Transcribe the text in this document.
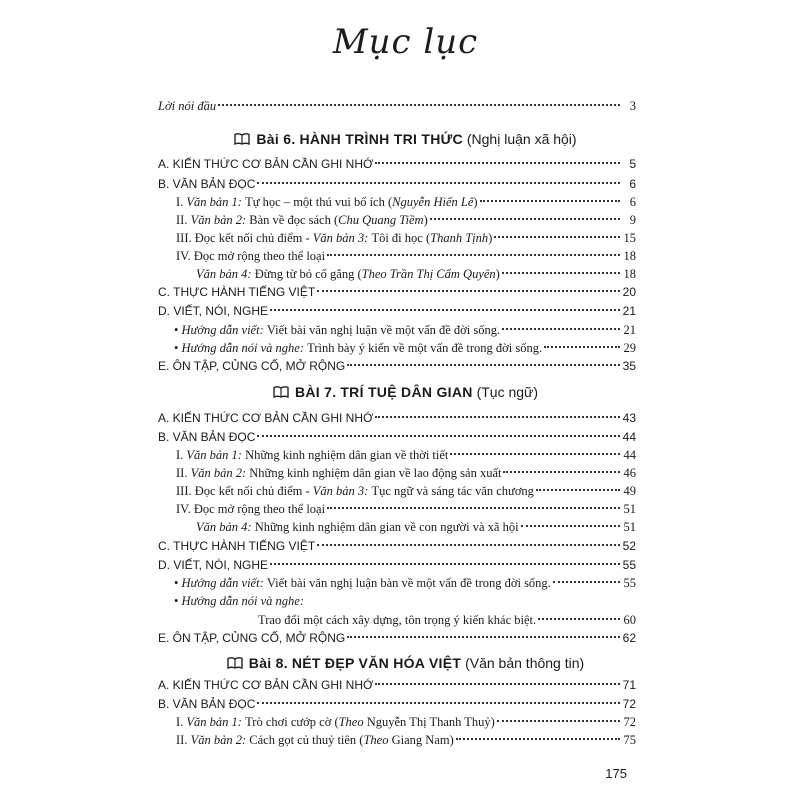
Mục lục
Lời nói đầu	3
Bài 6. HÀNH TRÌNH TRI THỨC (Nghị luận xã hội)
A. KIẾN THỨC CƠ BẢN CẦN GHI NHỚ	5
B. VĂN BẢN ĐỌC	6
I. Văn bản 1: Tự học – một thú vui bổ ích (Nguyễn Hiến Lê)	6
II. Văn bản 2: Bàn về đọc sách (Chu Quang Tiềm)	9
III. Đọc kết nối chủ điểm - Văn bản 3: Tôi đi học (Thanh Tịnh)	15
IV. Đọc mở rộng theo thể loại	18
Văn bản 4: Đừng từ bỏ cố gắng (Theo Trần Thị Cẩm Quyên)	18
C. THỰC HÀNH TIẾNG VIỆT	20
D. VIẾT, NÓI, NGHE	21
• Hướng dẫn viết: Viết bài văn nghị luận về một vấn đề đời sống.	21
• Hướng dẫn nói và nghe: Trình bày ý kiến về một vấn đề trong đời sống.	29
E. ÔN TẬP, CỦNG CỐ, MỞ RỘNG	35
BÀI 7. TRÍ TUỆ DÂN GIAN (Tục ngữ)
A. KIẾN THỨC CƠ BẢN CẦN GHI NHỚ	43
B. VĂN BẢN ĐỌC	44
I. Văn bản 1: Những kinh nghiệm dân gian về thời tiết	44
II. Văn bản 2: Những kinh nghiệm dân gian về lao động sản xuất	46
III. Đọc kết nối chủ điểm - Văn bản 3: Tục ngữ và sáng tác văn chương	49
IV. Đọc mở rộng theo thể loại	51
Văn bản 4: Những kinh nghiệm dân gian về con người và xã hội	51
C. THỰC HÀNH TIẾNG VIỆT	52
D. VIẾT, NÓI, NGHE	55
• Hướng dẫn viết: Viết bài văn nghị luận bàn về một vấn đề trong đời sống.	55
• Hướng dẫn nói và nghe:
Trao đổi một cách xây dựng, tôn trọng ý kiến khác biệt.	60
E. ÔN TẬP, CỦNG CỐ, MỞ RỘNG	62
Bài 8. NÉT ĐẸP VĂN HÓA VIỆT (Văn bản thông tin)
A. KIẾN THỨC CƠ BẢN CẦN GHI NHỚ	71
B. VĂN BẢN ĐỌC	72
I. Văn bản 1: Trò chơi cướp cờ (Theo Nguyễn Thị Thanh Thuỷ)	72
II. Văn bản 2: Cách gọt củ thuỷ tiên (Theo Giang Nam)	75
175
